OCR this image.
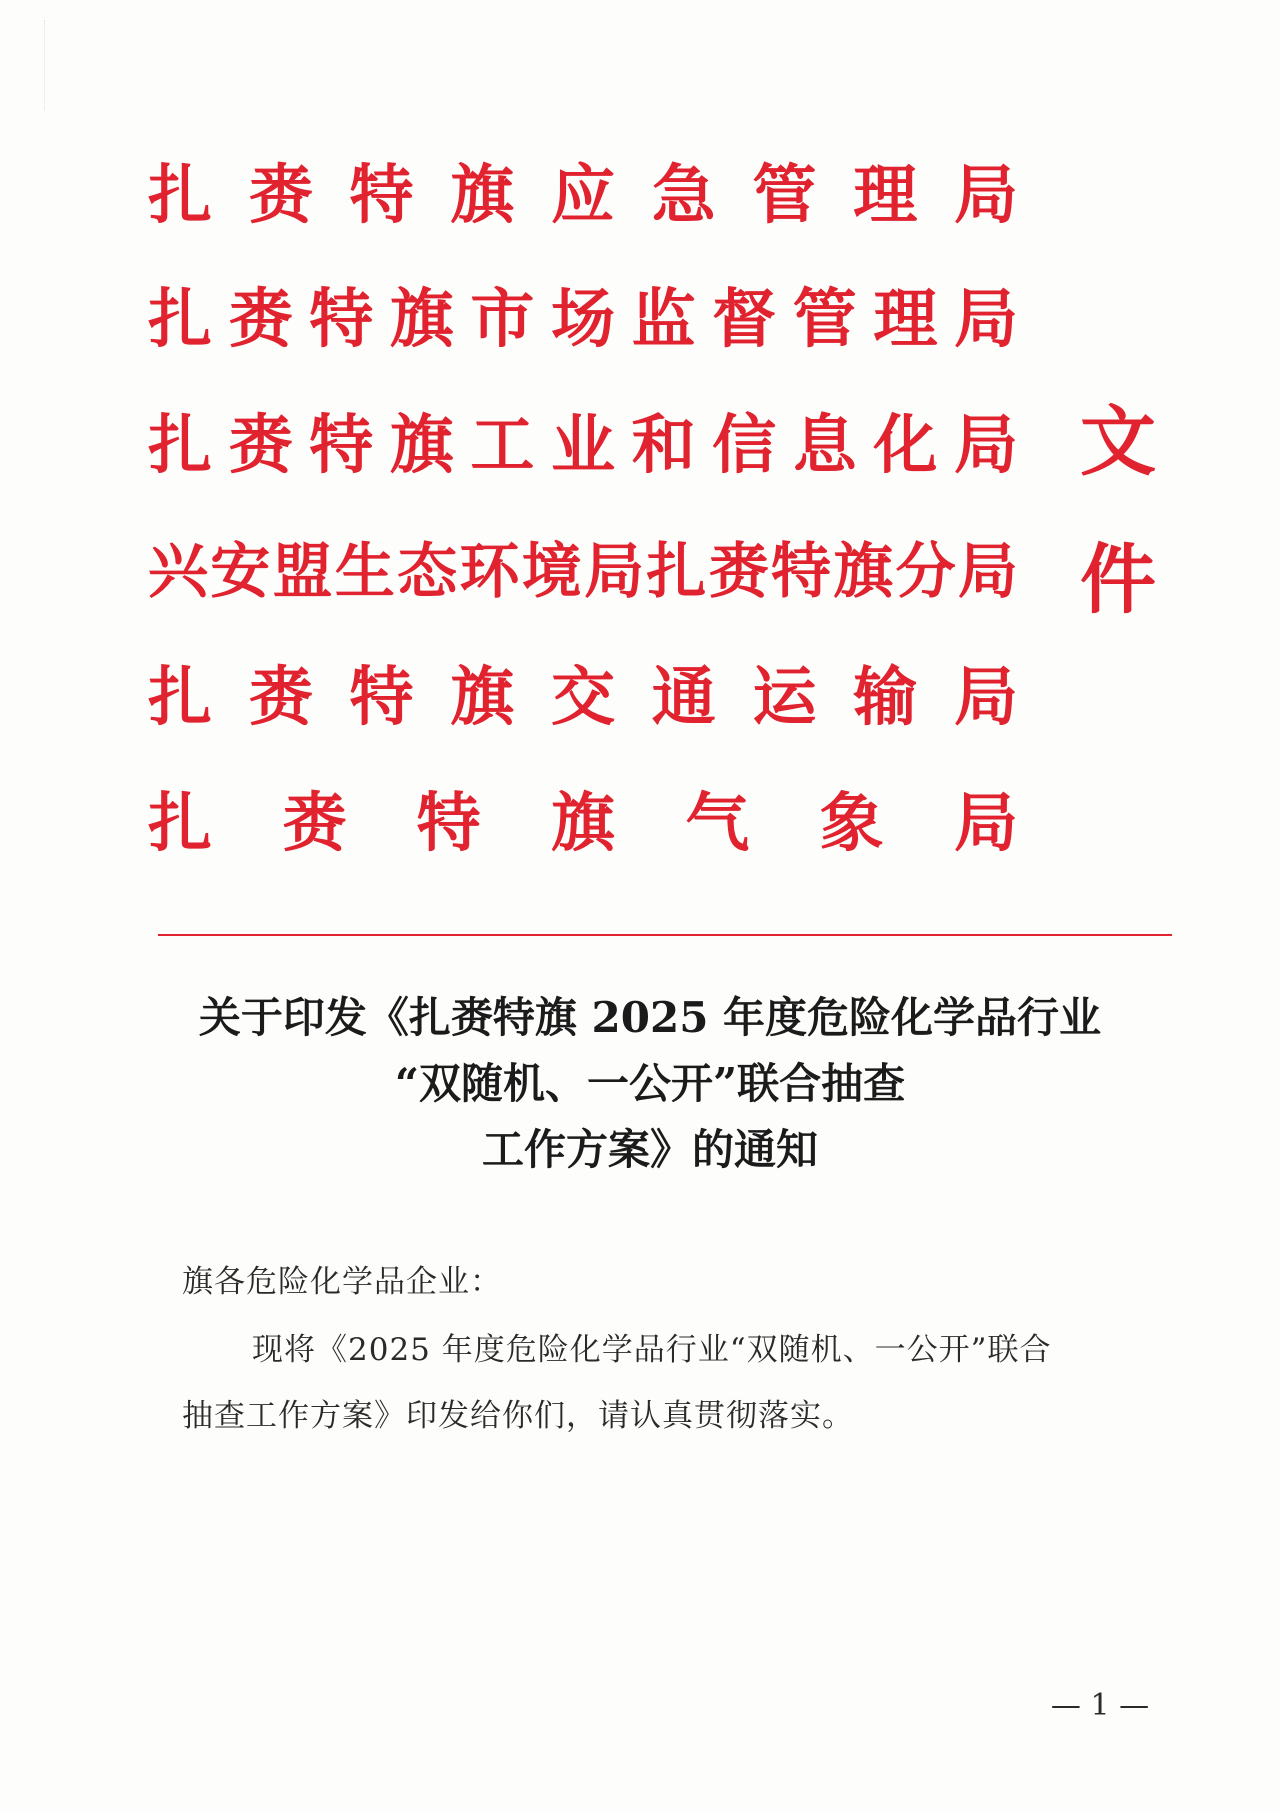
扎 赉 特 旗 应 急 管 理 局
扎 赉 特 旗 市 场 监 督 管 理 局
扎 赉 特 旗 工 业 和 信 息 化 局
兴 安 盟 生 态 环 境 局 扎 赉 特 旗 分 局
扎 赉 特 旗 交 通 运 输 局
扎 赉 特 旗 气 象 局
文
件
关于印发《扎赉特旗 2025 年度危险化学品行业
“双随机、一公开”联合抽查
工作方案》的通知
旗各危险化学品企业：
现将《2025 年度危险化学品行业“双随机、一公开”联合
抽查工作方案》印发给你们，请认真贯彻落实。
— 1 —
